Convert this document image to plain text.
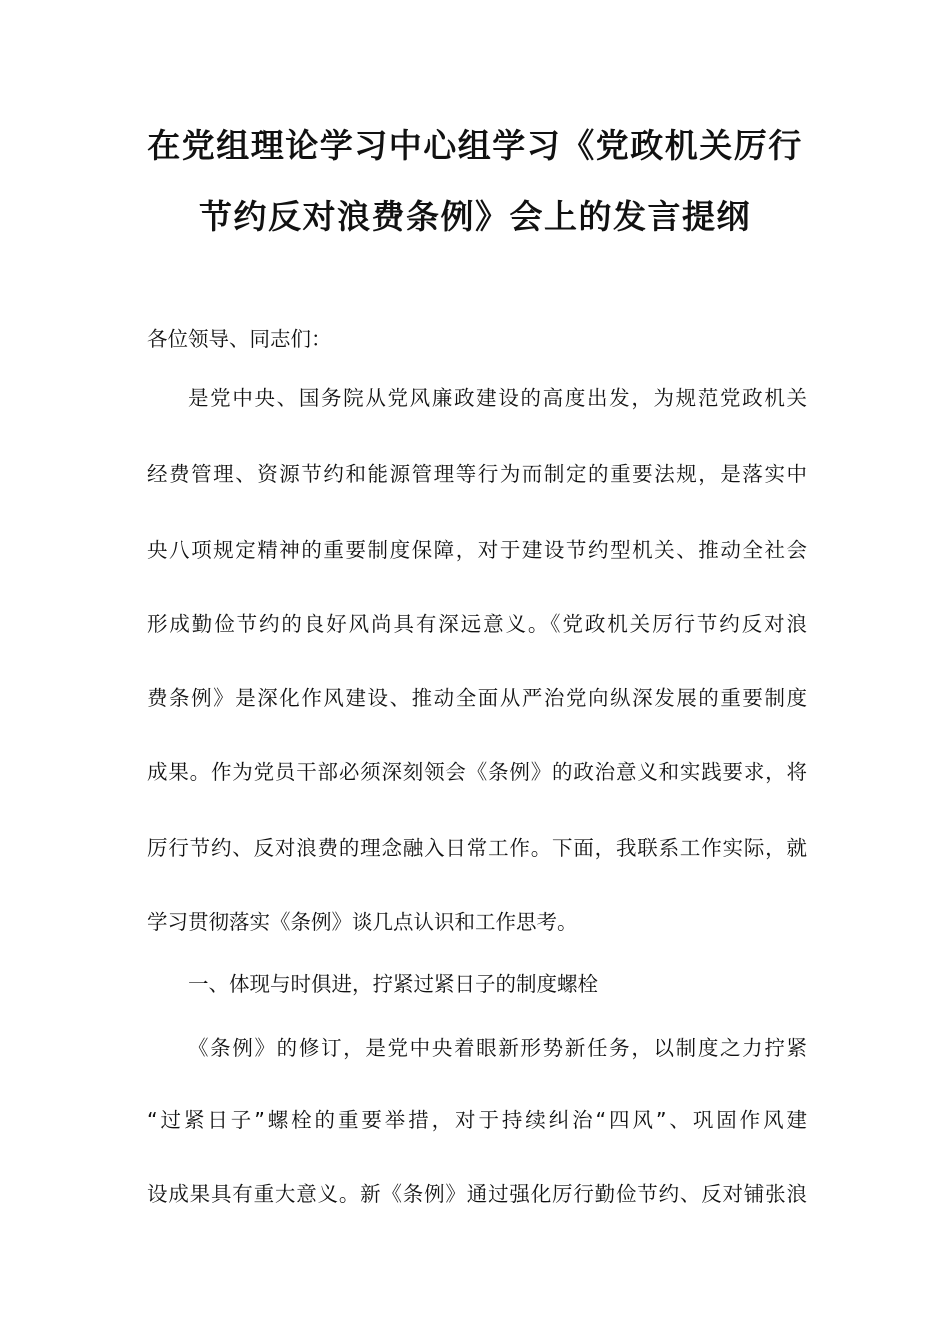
在党组理论学习中心组学习《党政机关厉行
节约反对浪费条例》会上的发言提纲
各位领导、同志们：
是党中央、国务院从党风廉政建设的高度出发，为规范党政机关
经费管理、资源节约和能源管理等行为而制定的重要法规，是落实中
央八项规定精神的重要制度保障，对于建设节约型机关、推动全社会
形成勤俭节约的良好风尚具有深远意义。《党政机关厉行节约反对浪
费条例》是深化作风建设、推动全面从严治党向纵深发展的重要制度
成果。作为党员干部必须深刻领会《条例》的政治意义和实践要求，将
厉行节约、反对浪费的理念融入日常工作。下面，我联系工作实际，就
学习贯彻落实《条例》谈几点认识和工作思考。
一、体现与时俱进，拧紧过紧日子的制度螺栓
《条例》的修订，是党中央着眼新形势新任务，以制度之力拧紧
“过紧日子”螺栓的重要举措，对于持续纠治“四风”、巩固作风建
设成果具有重大意义。新《条例》通过强化厉行勤俭节约、反对铺张浪
